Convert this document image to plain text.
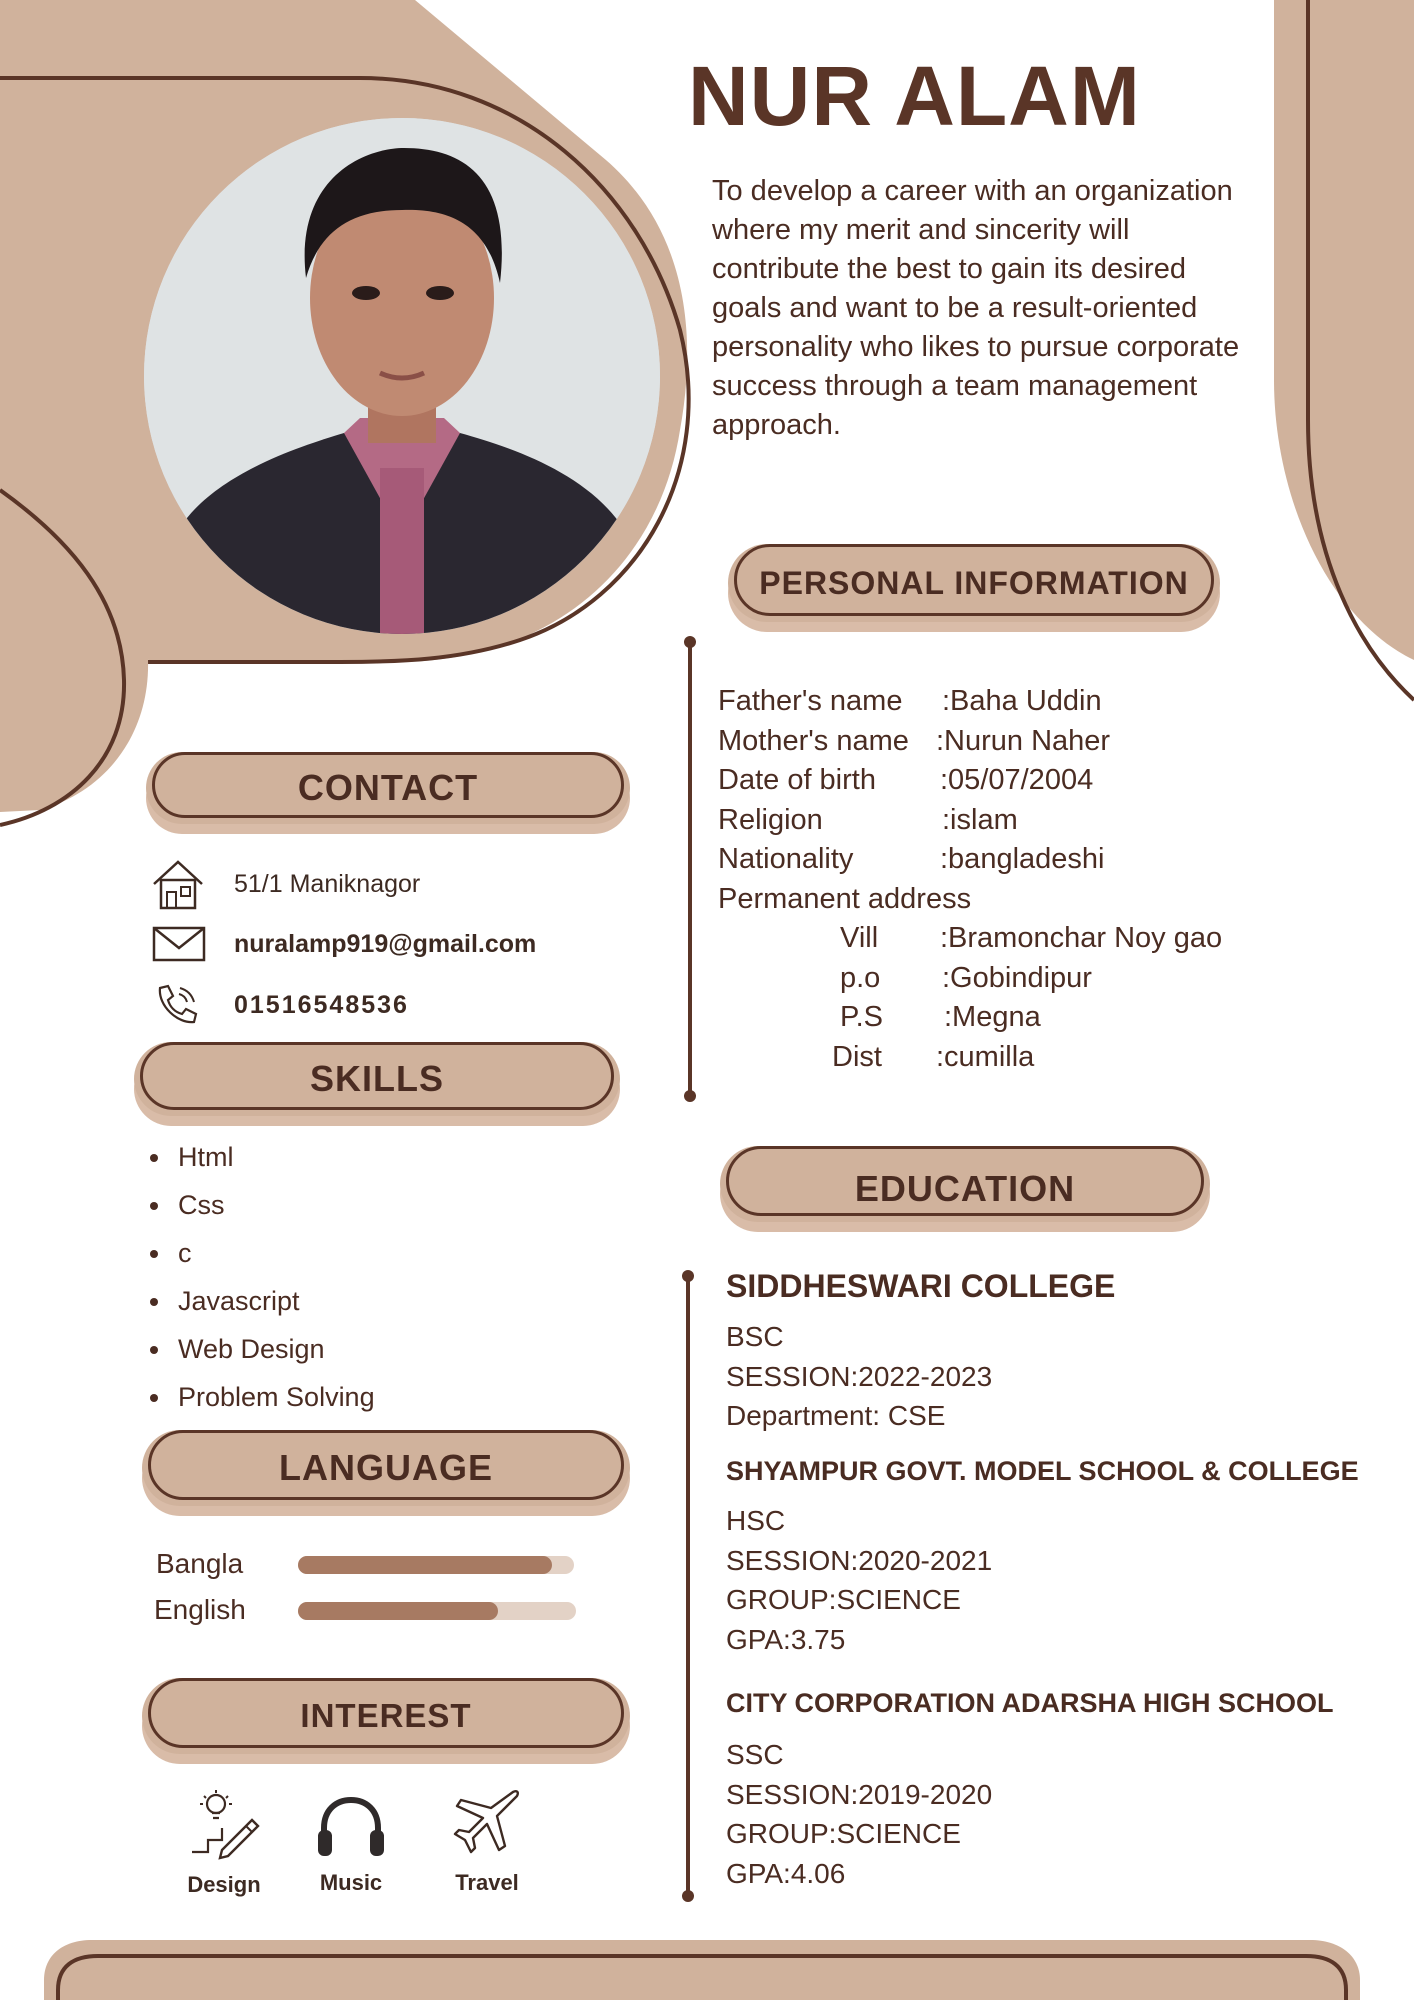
NUR ALAM

To develop a career with an organization where my merit and sincerity will contribute the best to gain its desired goals and want to be a result-oriented personality who likes to pursue corporate success through a team management approach.

CONTACT
51/1 Maniknagor
nuralamp919@gmail.com
01516548536
SKILLS
Html
Css
c
Javascript
Web Design
Problem Solving
LANGUAGE
Bangla
English
INTEREST
Design	Music	Travel
PERSONAL INFORMATION
Father's name :Baha Uddin
Mother's name :Nurun Naher
Date of birth :05/07/2004
Religion	:islam
Nationality	:bangladeshi
Permanent address
Vill :Bramonchar Noy gao
p.o :Gobindipur
P.S :Megna
Dist :cumilla
EDUCATION

SIDDHESWARI COLLEGE

BSC
SESSION:2022-2023
Department: CSE

SHYAMPUR GOVT. MODEL SCHOOL & COLLEGE

HSC
SESSION:2020-2021
GROUP:SCIENCE
GPA:3.75

CITY CORPORATION ADARSHA HIGH SCHOOL

SSC
SESSION:2019-2020
GROUP:SCIENCE
GPA:4.06
